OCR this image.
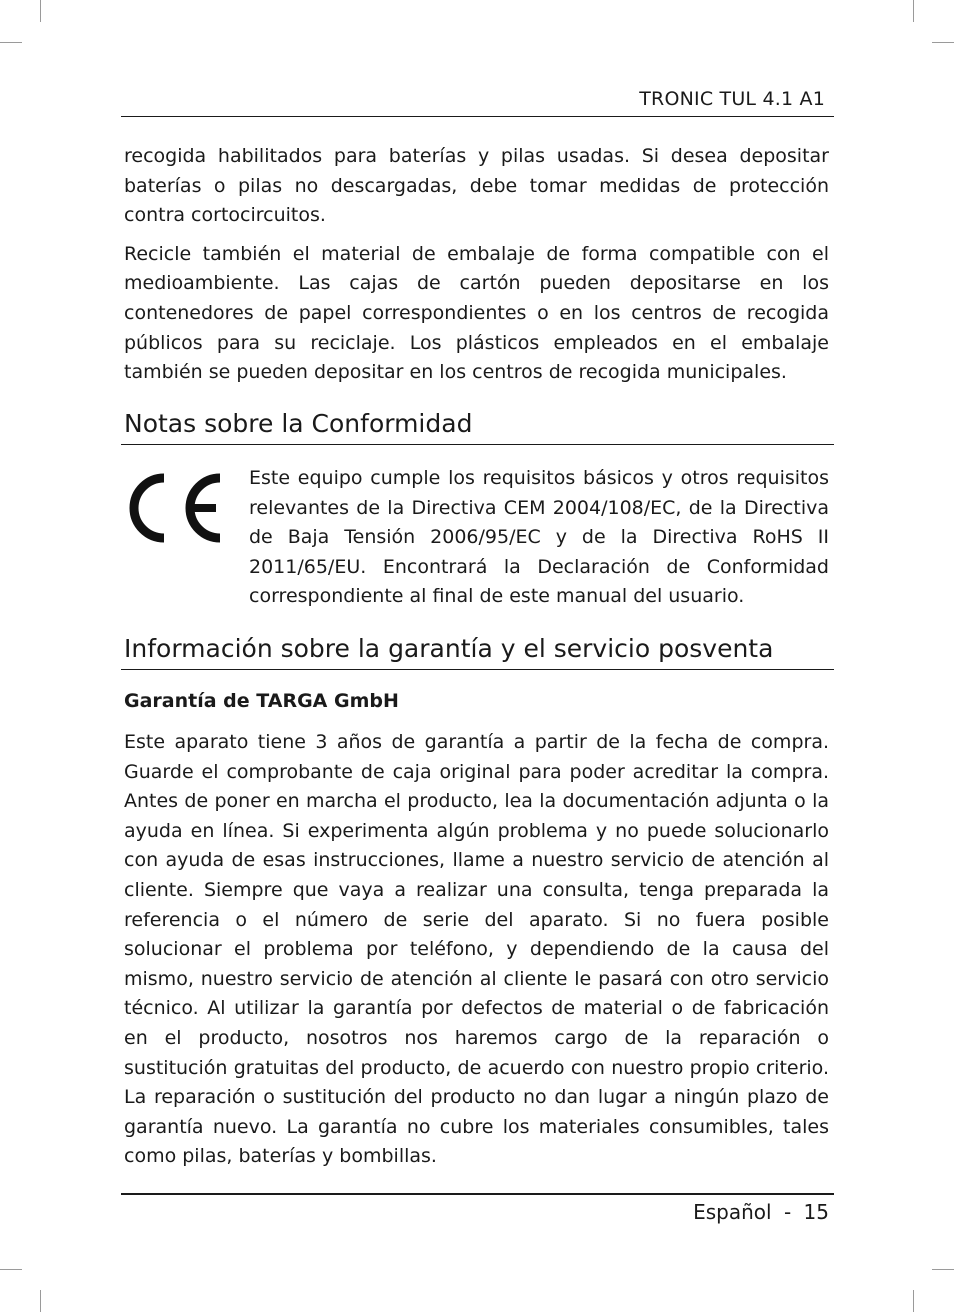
TRONIC TUL 4.1 A1

recogida habilitados para baterías y pilas usadas. Si desea depositar baterías o pilas no descargadas, debe tomar medidas de protección contra cortocircuitos.

Recicle también el material de embalaje de forma compatible con el medioambiente. Las cajas de cartón pueden depositarse en los contenedores de papel correspondientes o en los centros de recogida públicos para su reciclaje. Los plásticos empleados en el embalaje también se pueden depositar en los centros de recogida municipales.

Notas sobre la Conformidad

Este equipo cumple los requisitos básicos y otros requisitos relevantes de la Directiva CEM 2004/108/EC, de la Directiva de Baja Tensión 2006/95/EC y de la Directiva RoHS II 2011/65/EU. Encontrará la Declaración de Conformidad correspondiente al final de este manual del usuario.

Información sobre la garantía y el servicio posventa
Garantía de TARGA GmbH

Este aparato tiene 3 años de garantía a partir de la fecha de compra. Guarde el comprobante de caja original para poder acreditar la compra. Antes de poner en marcha el producto, lea la documentación adjunta o la ayuda en línea. Si experimenta algún problema y no puede solucionarlo con ayuda de esas instrucciones, llame a nuestro servicio de atención al cliente. Siempre que vaya a realizar una consulta, tenga preparada la referencia o el número de serie del aparato. Si no fuera posible solucionar el problema por teléfono, y dependiendo de la causa del mismo, nuestro servicio de atención al cliente le pasará con otro servicio técnico. Al utilizar la garantía por defectos de material o de fabricación en el producto, nosotros nos haremos cargo de la reparación o sustitución gratuitas del producto, de acuerdo con nuestro propio criterio. La reparación o sustitución del producto no dan lugar a ningún plazo de garantía nuevo. La garantía no cubre los materiales consumibles, tales como pilas, baterías y bombillas.

Español - 15
